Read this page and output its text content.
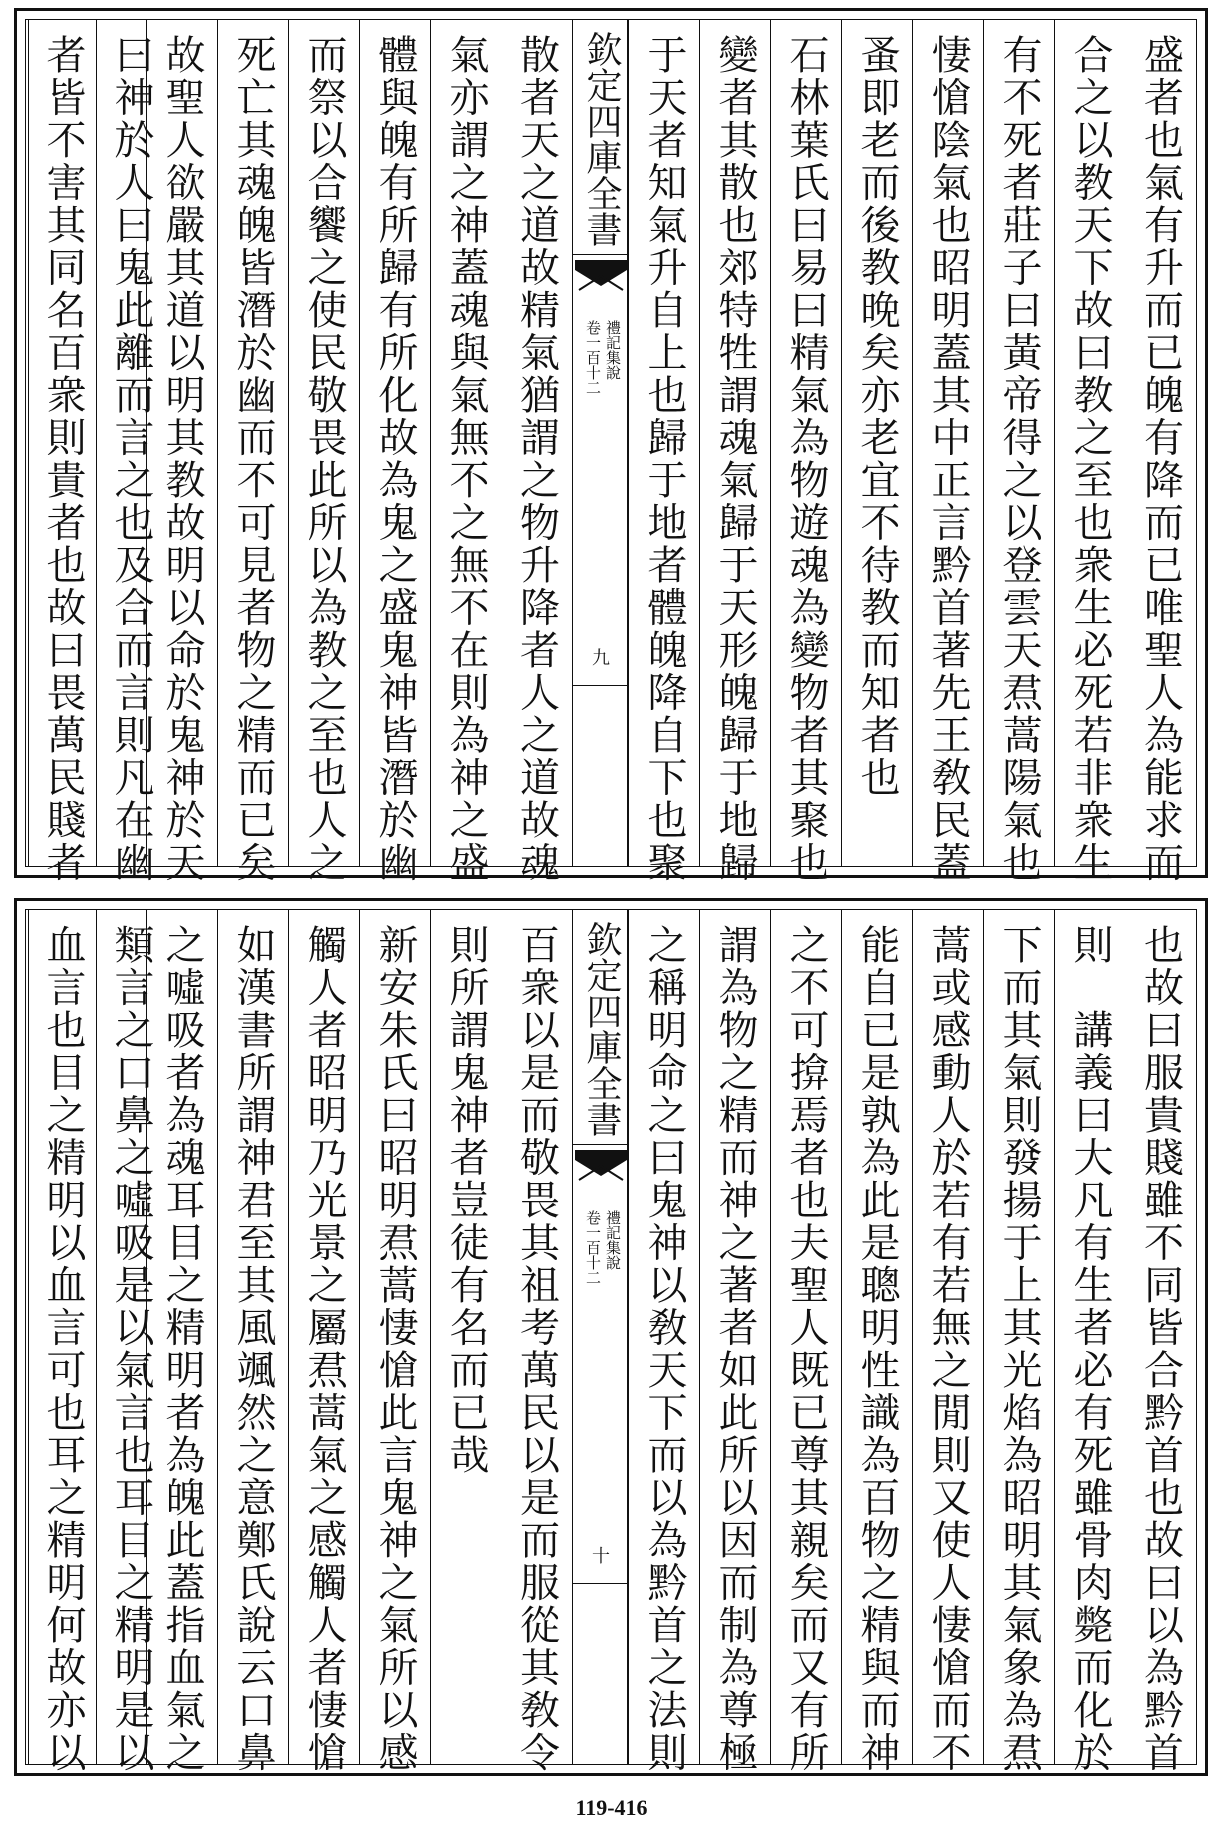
盛者也氣有升而已魄有降而已唯聖人為能求而
合之以教天下故曰教之至也衆生必死若非衆生
有不死者莊子曰黃帝得之以登雲天焄蒿陽氣也
悽愴陰氣也昭明蓋其中正言黔首著先王敎民蓋
蚤即老而後教晚矣亦老宜不待教而知者也
石林葉氏曰易曰精氣為物遊魂為變物者其聚也
變者其散也郊特牲謂魂氣歸于天形魄歸于地歸
于天者知氣升自上也歸于地者體魄降自下也聚
欽定四庫全書
禮記集說
卷一百十二
九
散者天之道故精氣猶謂之物升降者人之道故魂
氣亦謂之神蓋魂與氣無不之無不在則為神之盛
體與魄有所歸有所化故為鬼之盛鬼神皆潛於幽
而祭以合饗之使民敬畏此所以為教之至也人之
死亡其魂魄皆潛於幽而不可見者物之精而已矣
故聖人欲嚴其道以明其教故明以命於鬼神於天
曰神於人曰鬼此離而言之也及合而言則凡在幽
者皆不害其同名百衆則貴者也故曰畏萬民賤者
也故曰服貴賤雖不同皆合黔首也故曰以為黔首
則　講義曰大凡有生者必有死雖骨肉斃而化於
下而其氣則發揚于上其光焰為昭明其氣象為焄
蒿或感動人於若有若無之閒則又使人悽愴而不
能自已是孰為此是聰明性識為百物之精與而神
之不可揜焉者也夫聖人既已尊其親矣而又有所
謂為物之精而神之著者如此所以因而制為尊極
之稱明命之曰鬼神以敎天下而以為黔首之法則
欽定四庫全書
禮記集說
卷一百十二
十
百衆以是而敬畏其祖考萬民以是而服從其敎令
則所謂鬼神者豈徒有名而已哉
新安朱氏曰昭明焄蒿悽愴此言鬼神之氣所以感
觸人者昭明乃光景之屬焄蒿氣之感觸人者悽愴
如漢書所謂神君至其風颯然之意鄭氏說云口鼻
之噓吸者為魂耳目之精明者為魄此蓋指血氣之
類言之口鼻之噓吸是以氣言也耳目之精明是以
血言也目之精明以血言可也耳之精明何故亦以
119-416
